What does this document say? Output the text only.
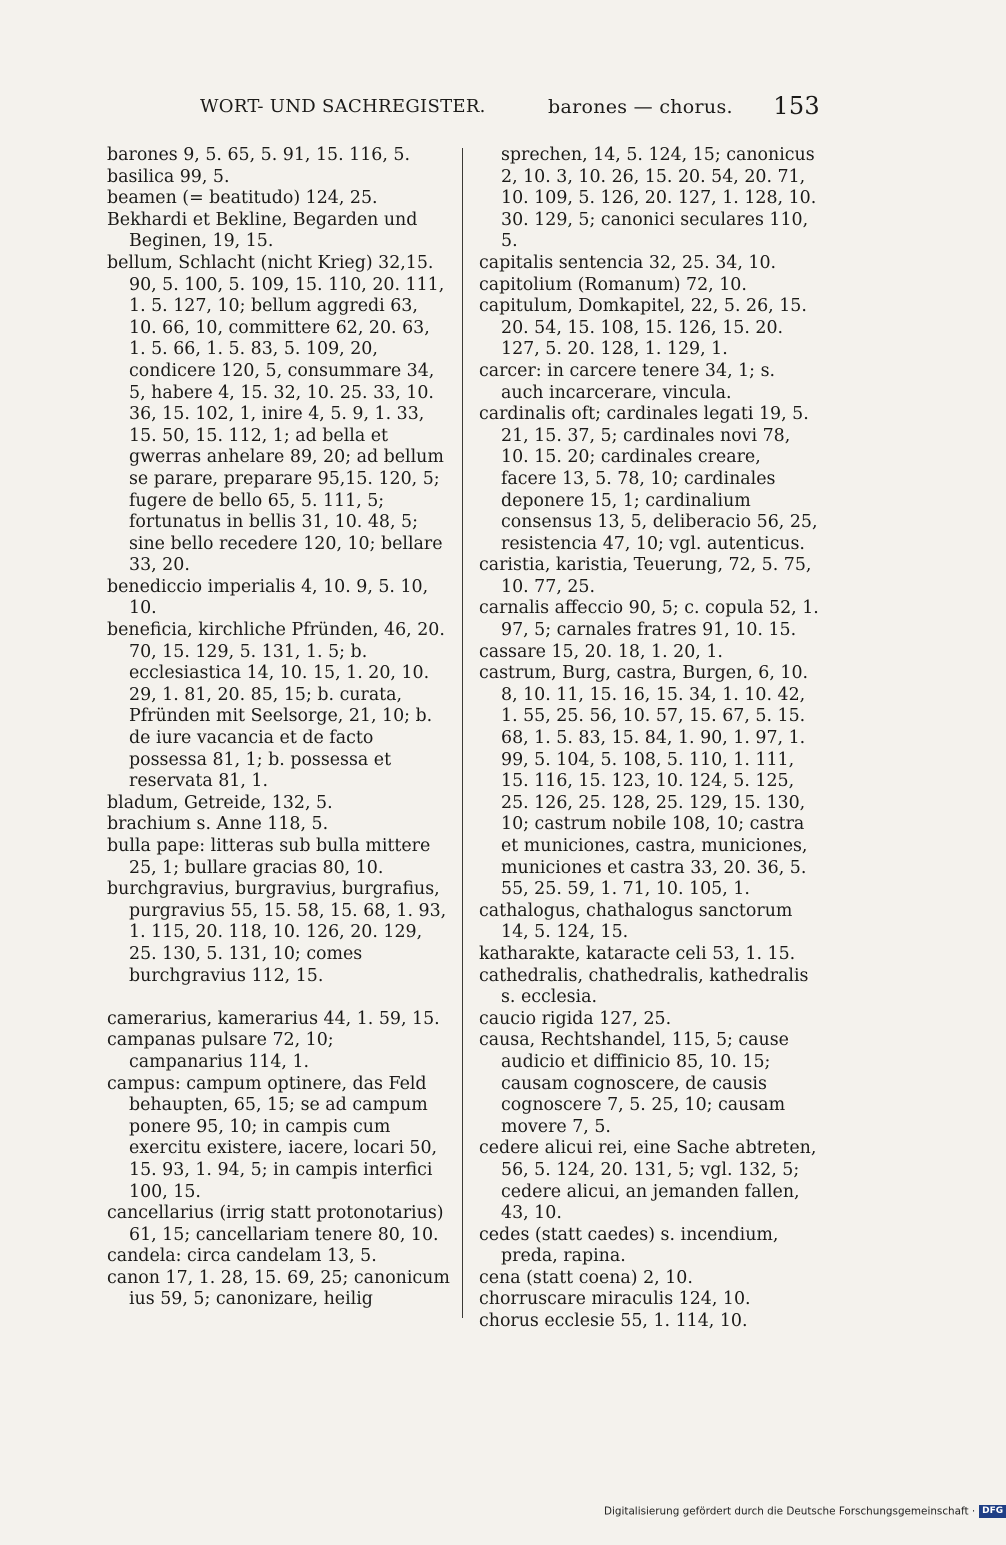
WORT- UND SACHREGISTER.	barones — chorus. 153

barones 9, 5. 65, 5. 91, 15. 116, 5.

basilica 99, 5.

beamen (= beatitudo) 124, 25.

Bekhardi et Bekline, Begarden und Beginen, 19, 15.

bellum, Schlacht (nicht Krieg) 32,15. 90, 5. 100, 5. 109, 15. 110, 20. 111, 1. 5. 127, 10; bellum aggredi 63, 10. 66, 10, committere 62, 20. 63, 1. 5. 66, 1. 5. 83, 5. 109, 20, condicere 120, 5, consummare 34, 5, habere 4, 15. 32, 10. 25. 33, 10. 36, 15. 102, 1, inire 4, 5. 9, 1. 33, 15. 50, 15. 112, 1; ad bella et gwerras anhelare 89, 20; ad bellum se parare, preparare 95,15. 120, 5; fugere de bello 65, 5. 111, 5; fortunatus in bellis 31, 10. 48, 5; sine bello recedere 120, 10; bellare 33, 20.

benediccio imperialis 4, 10. 9, 5. 10, 10.

beneficia, kirchliche Pfründen, 46, 20. 70, 15. 129, 5. 131, 1. 5; b. ecclesiastica 14, 10. 15, 1. 20, 10. 29, 1. 81, 20. 85, 15; b. curata, Pfründen mit Seelsorge, 21, 10; b. de iure vacancia et de facto possessa 81, 1; b. possessa et reservata 81, 1.

bladum, Getreide, 132, 5.

brachium s. Anne 118, 5.

bulla pape: litteras sub bulla mittere 25, 1; bullare gracias 80, 10.

burchgravius, burgravius, burgrafius, purgravius 55, 15. 58, 15. 68, 1. 93, 1. 115, 20. 118, 10. 126, 20. 129, 25. 130, 5. 131, 10; comes burchgravius 112, 15.

camerarius, kamerarius 44, 1. 59, 15.

campanas pulsare 72, 10; campanarius 114, 1.

campus: campum optinere, das Feld behaupten, 65, 15; se ad campum ponere 95, 10; in campis cum exercitu existere, iacere, locari 50, 15. 93, 1. 94, 5; in campis interfici 100, 15.

cancellarius (irrig statt protonotarius) 61, 15; cancellariam tenere 80, 10.

candela: circa candelam 13, 5.

canon 17, 1. 28, 15. 69, 25; canonicum ius 59, 5; canonizare, heilig

sprechen, 14, 5. 124, 15; canonicus 2, 10. 3, 10. 26, 15. 20. 54, 20. 71, 10. 109, 5. 126, 20. 127, 1. 128, 10. 30. 129, 5; canonici seculares 110, 5.

capitalis sentencia 32, 25. 34, 10.

capitolium (Romanum) 72, 10.

capitulum, Domkapitel, 22, 5. 26, 15. 20. 54, 15. 108, 15. 126, 15. 20. 127, 5. 20. 128, 1. 129, 1.

carcer: in carcere tenere 34, 1; s. auch incarcerare, vincula.

cardinalis oft; cardinales legati 19, 5. 21, 15. 37, 5; cardinales novi 78, 10. 15. 20; cardinales creare, facere 13, 5. 78, 10; cardinales deponere 15, 1; cardinalium consensus 13, 5, deliberacio 56, 25, resistencia 47, 10; vgl. autenticus.

caristia, karistia, Teuerung, 72, 5. 75, 10. 77, 25.

carnalis affeccio 90, 5; c. copula 52, 1. 97, 5; carnales fratres 91, 10. 15.

cassare 15, 20. 18, 1. 20, 1.

castrum, Burg, castra, Burgen, 6, 10. 8, 10. 11, 15. 16, 15. 34, 1. 10. 42, 1. 55, 25. 56, 10. 57, 15. 67, 5. 15. 68, 1. 5. 83, 15. 84, 1. 90, 1. 97, 1. 99, 5. 104, 5. 108, 5. 110, 1. 111, 15. 116, 15. 123, 10. 124, 5. 125, 25. 126, 25. 128, 25. 129, 15. 130, 10; castrum nobile 108, 10; castra et municiones, castra, municiones, municiones et castra 33, 20. 36, 5. 55, 25. 59, 1. 71, 10. 105, 1.

cathalogus, chathalogus sanctorum 14, 5. 124, 15.

katharakte, kataracte celi 53, 1. 15.

cathedralis, chathedralis, kathedralis s. ecclesia.

caucio rigida 127, 25.

causa, Rechtshandel, 115, 5; cause audicio et diffinicio 85, 10. 15; causam cognoscere, de causis cognoscere 7, 5. 25, 10; causam movere 7, 5.

cedere alicui rei, eine Sache abtreten, 56, 5. 124, 20. 131, 5; vgl. 132, 5; cedere alicui, an jemanden fallen, 43, 10.

cedes (statt caedes) s. incendium, preda, rapina.

cena (statt coena) 2, 10.

chorruscare miraculis 124, 10.

chorus ecclesie 55, 1. 114, 10.

Digitalisierung gefördert durch die Deutsche Forschungsgemeinschaft · DFG
